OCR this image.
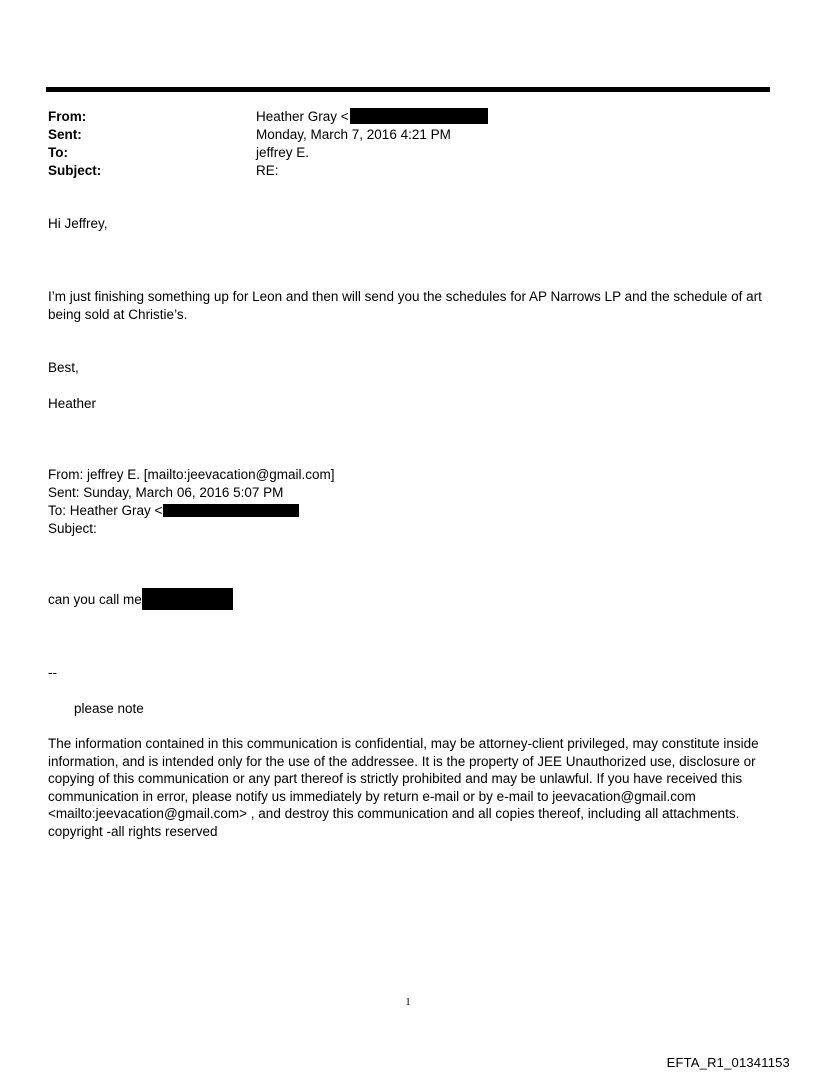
From:	Heather Gray <
Sent:	Monday, March 7, 2016 4:21 PM
To:	jeffrey E.
Subject:	RE:
Hi Jeffrey,
I’m just finishing something up for Leon and then will send you the schedules for AP Narrows LP and the schedule of art being sold at Christie’s.
Best,
Heather
From: jeffrey E. [mailto:jeevacation@gmail.com]
Sent: Sunday, March 06, 2016 5:07 PM
To: Heather Gray <
Subject:
can you call me
--
please note
The information contained in this communication is confidential, may be attorney-client privileged, may constitute inside information, and is intended only for the use of the addressee. It is the property of JEE Unauthorized use, disclosure or copying of this communication or any part thereof is strictly prohibited and may be unlawful. If you have received this communication in error, please notify us immediately by return e-mail or by e-mail to jeevacation@gmail.com <mailto:jeevacation@gmail.com> , and destroy this communication and all copies thereof, including all attachments. copyright -all rights reserved
1
EFTA_R1_01341153
